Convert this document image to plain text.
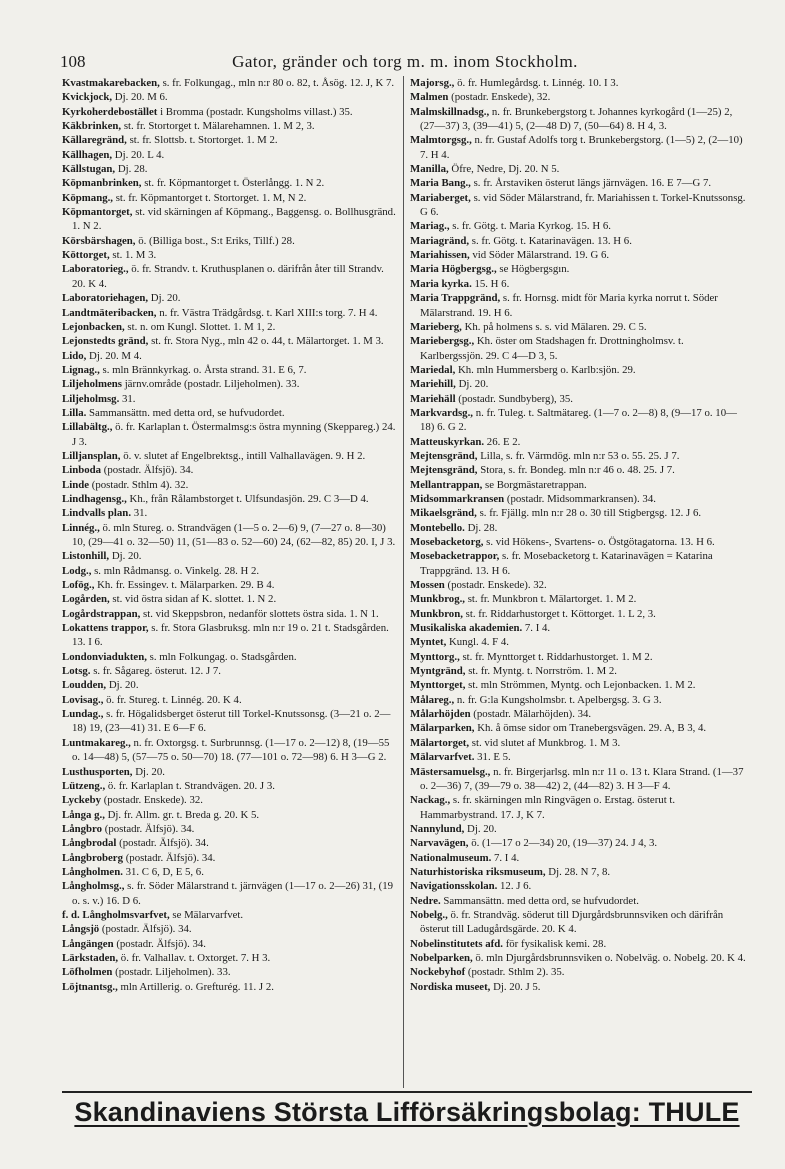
108	Gator, gränder och torg m. m. inom Stockholm.

Kvastmakarebacken, s. fr. Folkungag., mln n:r 80 o. 82, t. Åsög. 12. J, K 7.

Kvickjock, Dj. 20. M 6.

Kyrkoherdebostället i Bromma (postadr. Kungsholms villast.) 35.

Käkbrinken, st. fr. Stortorget t. Mälarehamnen. 1. M 2, 3.

Källaregränd, st. fr. Slottsb. t. Stortorget. 1. M 2.

Källhagen, Dj. 20. L 4.

Källstugan, Dj. 28.

Köpmanbrinken, st. fr. Köpmantorget t. Österlångg. 1. N 2.

Köpmang., st. fr. Köpmantorget t. Stortorget. 1. M, N 2.

Köpmantorget, st. vid skärningen af Köpmang., Baggensg. o. Bollhusgränd. 1. N 2.

Körsbärshagen, ö. (Billiga bost., S:t Eriks, Tillf.) 28.

Köttorget, st. 1. M 3.

Laboratorieg., ö. fr. Strandv. t. Kruthusplanen o. därifrån åter till Strandv. 20. K 4.

Laboratoriehagen, Dj. 20.

Landtmäteribacken, n. fr. Västra Trädgårdsg. t. Karl XIII:s torg. 7. H 4.

Lejonbacken, st. n. om Kungl. Slottet. 1. M 1, 2.

Lejonstedts gränd, st. fr. Stora Nyg., mln 42 o. 44, t. Mälartorget. 1. M 3.

Lido, Dj. 20. M 4.

Lignag., s. mln Brännkyrkag. o. Årsta strand. 31. E 6, 7.

Liljeholmens järnv.område (postadr. Liljeholmen). 33.

Liljeholmsg. 31.

Lilla. Sammansättn. med detta ord, se hufvudordet.

Lillabältg., ö. fr. Karlaplan t. Östermalmsg:s östra mynning (Skeppareg.) 24. J 3.

Lilljansplan, ö. v. slutet af Engelbrektsg., intill Valhallavägen. 9. H 2.

Linboda (postadr. Älfsjö). 34.

Linde (postadr. Sthlm 4). 32.

Lindhagensg., Kh., från Rålambstorget t. Ulfsundasjön. 29. C 3—D 4.

Lindvalls plan. 31.

Linnég., ö. mln Stureg. o. Strandvägen (1—5 o. 2—6) 9, (7—27 o. 8—30) 10, (29—41 o. 32—50) 11, (51—83 o. 52—60) 24, (62—82, 85) 20. I, J 3.

Listonhill, Dj. 20.

Lodg., s. mln Rådmansg. o. Vinkelg. 28. H 2.

Lofög., Kh. fr. Essingev. t. Mälarparken. 29. B 4.

Logården, st. vid östra sidan af K. slottet. 1. N 2.

Logårdstrappan, st. vid Skeppsbron, nedanför slottets östra sida. 1. N 1.

Lokattens trappor, s. fr. Stora Glasbruksg. mln n:r 19 o. 21 t. Stadsgården. 13. I 6.

Londonviadukten, s. mln Folkungag. o. Stadsgården.

Lotsg. s. fr. Sågareg. österut. 12. J 7.

Loudden, Dj. 20.

Lovisag., ö. fr. Stureg. t. Linnég. 20. K 4.

Lundag., s. fr. Högalidsberget österut till Torkel-Knutssonsg. (3—21 o. 2—18) 19, (23—41) 31. E 6—F 6.

Luntmakareg., n. fr. Oxtorgsg. t. Surbrunnsg. (1—17 o. 2—12) 8, (19—55 o. 14—48) 5, (57—75 o. 50—70) 18. (77—101 o. 72—98) 6. H 3—G 2.

Lusthusporten, Dj. 20.

Lützeng., ö. fr. Karlaplan t. Strandvägen. 20. J 3.

Lyckeby (postadr. Enskede). 32.

Långa g., Dj. fr. Allm. gr. t. Breda g. 20. K 5.

Långbro (postadr. Älfsjö). 34.

Långbrodal (postadr. Älfsjö). 34.

Långbroberg (postadr. Älfsjö). 34.

Långholmen. 31. C 6, D, E 5, 6.

Långholmsg., s. fr. Söder Mälarstrand t. järnvägen (1—17 o. 2—26) 31, (19 o. s. v.) 16. D 6.

f. d. Långholmsvarfvet, se Mälarvarfvet.

Långsjö (postadr. Älfsjö). 34.

Långängen (postadr. Älfsjö). 34.

Lärkstaden, ö. fr. Valhallav. t. Oxtorget. 7. H 3.

Löfholmen (postadr. Liljeholmen). 33.

Löjtnantsg., mln Artillerig. o. Grefturég. 11. J 2.

Majorsg., ö. fr. Humlegårdsg. t. Linnég. 10. I 3.

Malmen (postadr. Enskede), 32.

Malmskillnadsg., n. fr. Brunkebergstorg t. Johannes kyrkogård (1—25) 2, (27—37) 3, (39—41) 5, (2—48 D) 7, (50—64) 8. H 4, 3.

Malmtorgsg., n. fr. Gustaf Adolfs torg t. Brunkebergstorg. (1—5) 2, (2—10) 7. H 4.

Manilla, Öfre, Nedre, Dj. 20. N 5.

Maria Bang., s. fr. Årstaviken österut längs järnvägen. 16. E 7—G 7.

Mariaberget, s. vid Söder Mälarstrand, fr. Mariahissen t. Torkel-Knutssonsg. G 6.

Mariag., s. fr. Götg. t. Maria Kyrkog. 15. H 6.

Mariagränd, s. fr. Götg. t. Katarinavägen. 13. H 6.

Mariahissen, vid Söder Mälarstrand. 19. G 6.

Maria Högbergsg., se Högbergsgın.

Maria kyrka. 15. H 6.

Maria Trappgränd, s. fr. Hornsg. midt för Maria kyrka norrut t. Söder Mälarstrand. 19. H 6.

Marieberg, Kh. på holmens s. s. vid Mälaren. 29. C 5.

Mariebergsg., Kh. öster om Stadshagen fr. Drottningholmsv. t. Karlbergssjön. 29. C 4—D 3, 5.

Mariedal, Kh. mln Hummersberg o. Karlb:sjön. 29.

Mariehill, Dj. 20.

Mariehäll (postadr. Sundbyberg), 35.

Markvardsg., n. fr. Tuleg. t. Saltmätareg. (1—7 o. 2—8) 8, (9—17 o. 10—18) 6. G 2.

Matteuskyrkan. 26. E 2.

Mejtensgränd, Lilla, s. fr. Värmdög. mln n:r 53 o. 55. 25. J 7.

Mejtensgränd, Stora, s. fr. Bondeg. mln n:r 46 o. 48. 25. J 7.

Mellantrappan, se Borgmästaretrappan.

Midsommarkransen (postadr. Midsommarkransen). 34.

Mikaelsgränd, s. fr. Fjällg. mln n:r 28 o. 30 till Stigbergsg. 12. J 6.

Montebello. Dj. 28.

Mosebacketorg, s. vid Hökens-, Svartens- o. Östgötagatorna. 13. H 6.

Mosebacketrappor, s. fr. Mosebacketorg t. Katarinavägen = Katarina Trappgränd. 13. H 6.

Mossen (postadr. Enskede). 32.

Munkbrog., st. fr. Munkbron t. Mälartorget. 1. M 2.

Munkbron, st. fr. Riddarhustorget t. Köttorget. 1. L 2, 3.

Musikaliska akademien. 7. I 4.

Myntet, Kungl. 4. F 4.

Mynttorg., st. fr. Mynttorget t. Riddarhustorget. 1. M 2.

Myntgränd, st. fr. Myntg. t. Norrström. 1. M 2.

Mynttorget, st. mln Strömmen, Myntg. och Lejonbacken. 1. M 2.

Målareg., n. fr. G:la Kungsholmsbr. t. Apelbergsg. 3. G 3.

Målarhöjden (postadr. Mälarhöjden). 34.

Mälarparken, Kh. å ömse sidor om Tranebergsvägen. 29. A, B 3, 4.

Mälartorget, st. vid slutet af Munkbrog. 1. M 3.

Mälarvarfvet. 31. E 5.

Mästersamuelsg., n. fr. Birgerjarlsg. mln n:r 11 o. 13 t. Klara Strand. (1—37 o. 2—36) 7, (39—79 o. 38—42) 2, (44—82) 3. H 3—F 4.

Nackag., s. fr. skärningen mln Ringvägen o. Erstag. österut t. Hammarbystrand. 17. J, K 7.

Nannylund, Dj. 20.

Narvavägen, ö. (1—17 o 2—34) 20, (19—37) 24. J 4, 3.

Nationalmuseum. 7. I 4.

Naturhistoriska riksmuseum, Dj. 28. N 7, 8.

Navigationsskolan. 12. J 6.

Nedre. Sammansättn. med detta ord, se hufvudordet.

Nobelg., ö. fr. Strandväg. söderut till Djurgårdsbrunnsviken och därifrån österut till Ladugårdsgärde. 20. K 4.

Nobelinstitutets afd. för fysikalisk kemi. 28.

Nobelparken, ö. mln Djurgårdsbrunnsviken o. Nobelväg. o. Nobelg. 20. K 4.

Nockebyhof (postadr. Sthlm 2). 35.

Nordiska museet, Dj. 20. J 5.

Skandinaviens Största Lifförsäkringsbolag: THULE
